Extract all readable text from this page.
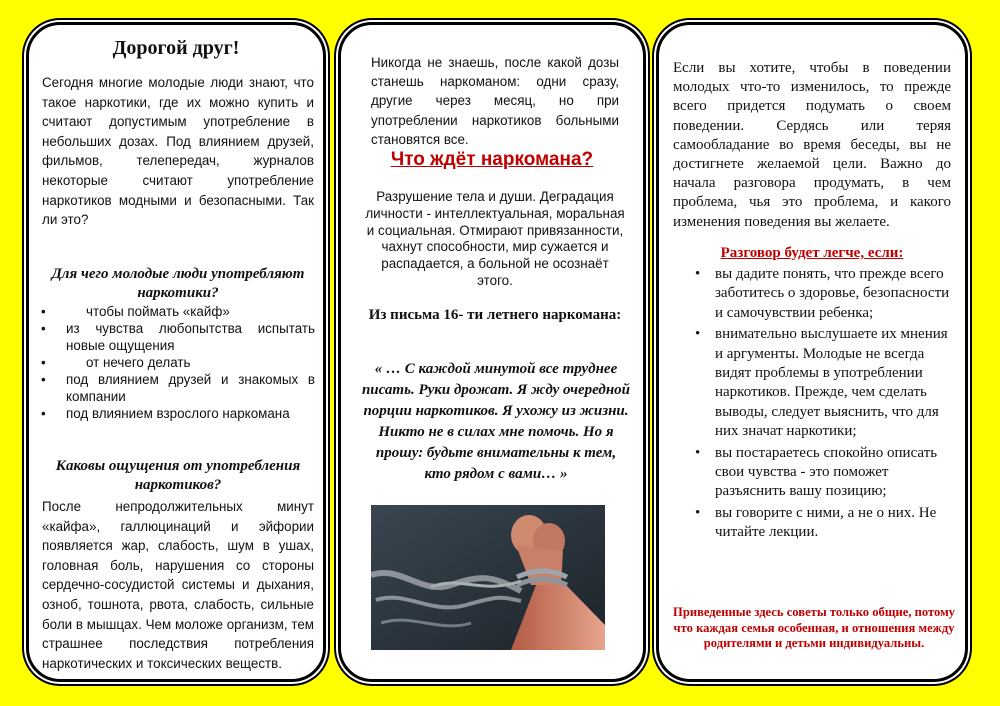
Дорогой друг!

Сегодня многие молодые люди знают, что такое наркотики, где их можно купить и считают допустимым употребление в небольших дозах. Под влиянием друзей, фильмов, телепередач, журналов некоторые считают употребление наркотиков модными и безопасными. Так ли это?

Для чего молодые люди употребляют наркотики?
•	чтобы поймать «кайф»
• из чувства любопытства испытать новые ощущения
•	от нечего делать
• под влиянием друзей и знакомых в компании
• под влиянием взрослого наркомана
Каковы ощущения от употребления наркотиков?

После непродолжительных минут «кайфа», галлюцинаций и эйфории появляется жар, слабость, шум в ушах, головная боль, нарушения со стороны сердечно-сосудистой системы и дыхания, озноб, тошнота, рвота, слабость, сильные боли в мышцах. Чем моложе организм, тем страшнее последствия потребления наркотических и токсических веществ.

Никогда не знаешь, после какой дозы станешь наркоманом: одни сразу, другие через месяц, но при употреблении наркотиков больными становятся все.

Что ждёт наркомана?

Разрушение тела и души. Деградация личности - интеллектуальная, моральная и социальная. Отмирают привязанности, чахнут способности, мир сужается и распадается, а больной не осознаёт этого.

Из письма 16- ти летнего наркомана:

« … С каждой минутой все труднее писать. Руки дрожат. Я жду очередной порции наркотиков. Я ухожу из жизни. Никто не в силах мне помочь. Но я прошу: будьте внимательны к тем, кто рядом с вами… »

Если вы хотите, чтобы в поведении молодых что-то изменилось, то прежде всего придется подумать о своем поведении. Сердясь или теряя самообладание во время беседы, вы не достигнете желаемой цели. Важно до начала разговора продумать, в чем проблема, чья это проблема, и какого изменения поведения вы желаете.

Разговор будет легче, если:
• вы дадите понять, что прежде всего заботитесь о здоровье, безопасности и самочувствии ребенка;
• внимательно выслушаете их мнения и аргументы. Молодые не всегда видят проблемы в употреблении наркотиков. Прежде, чем сделать выводы, следует выяснить, что для них значат наркотики;
• вы постараетесь спокойно описать свои чувства - это поможет разъяснить вашу позицию;
• вы говорите с ними, а не о них. Не читайте лекции.

Приведенные здесь советы только общие, потому что каждая семья особенная, и отношения между родителями и детьми индивидуальны.
